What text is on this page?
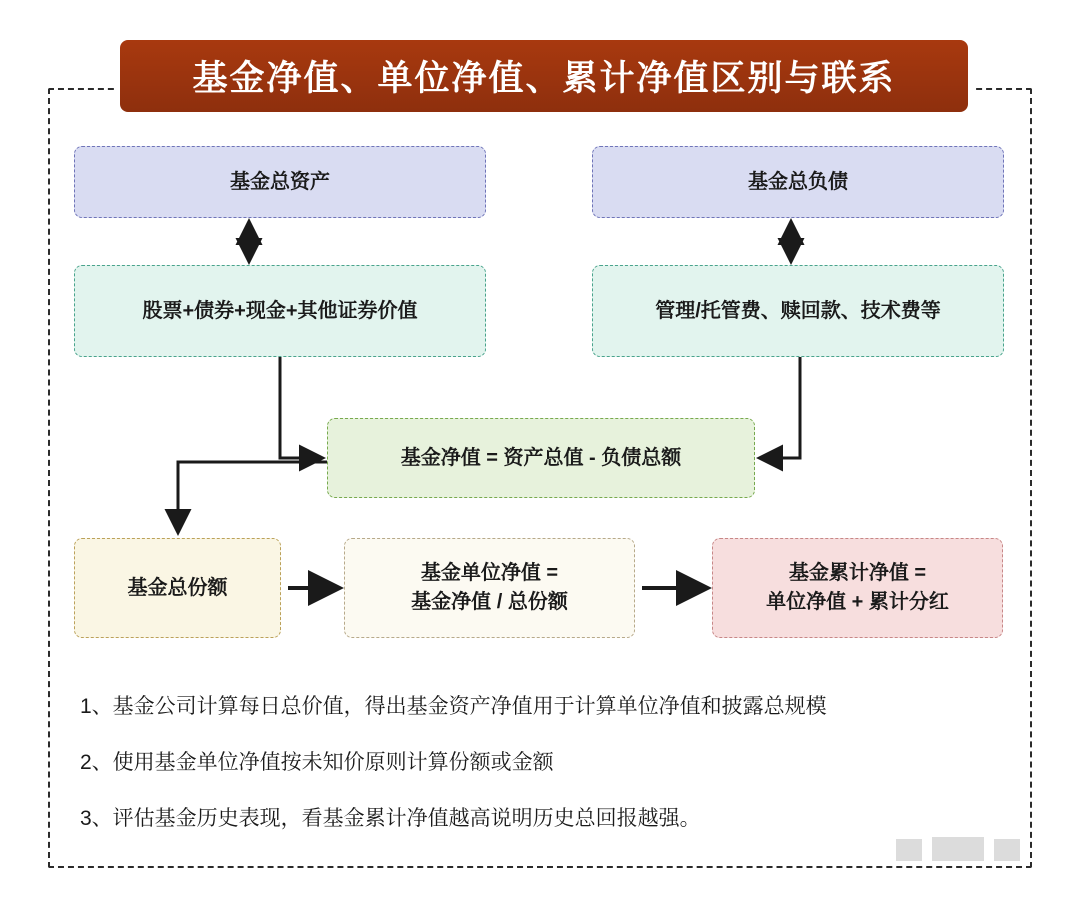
基金净值、单位净值、累计净值区别与联系
基金总资产	基金总负债
股票+债券+现金+其他证券价值	管理/托管费、赎回款、技术费等
基金净值 = 资产总值 - 负债总额
基金总份额
基金单位净值 =
基金净值 / 总份额
基金累计净值 =
单位净值 + 累计分红
1、基金公司计算每日总价值，得出基金资产净值用于计算单位净值和披露总规模
2、使用基金单位净值按未知价原则计算份额或金额
3、评估基金历史表现，看基金累计净值越高说明历史总回报越强。
